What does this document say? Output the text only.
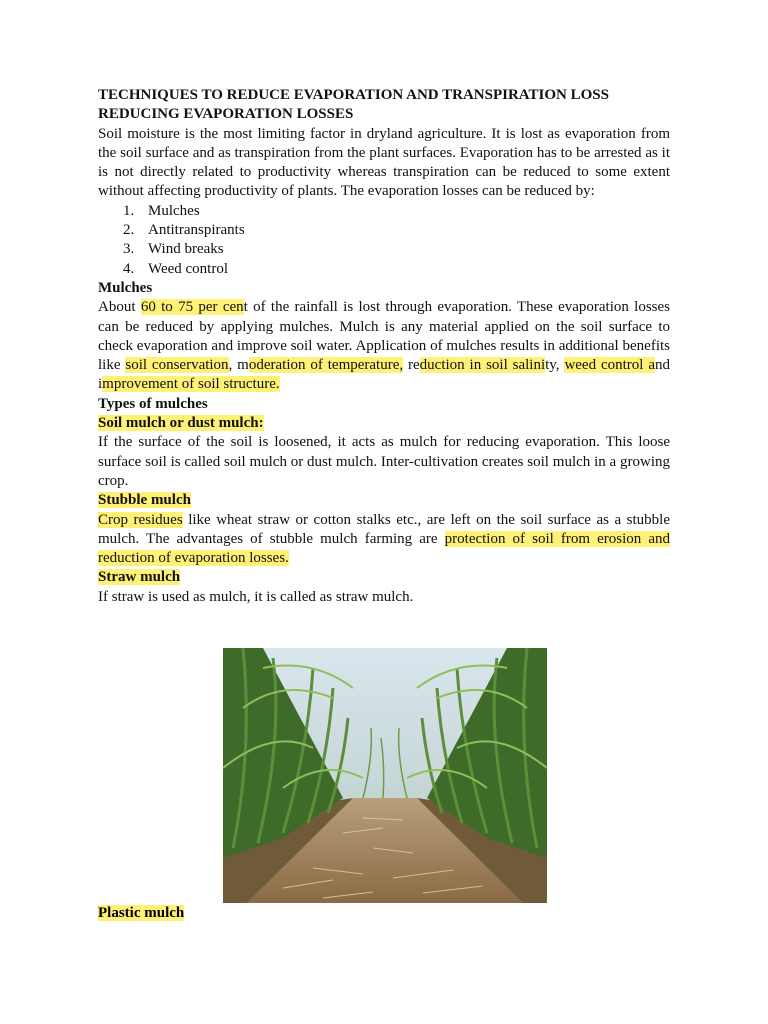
TECHNIQUES TO REDUCE EVAPORATION AND TRANSPIRATION LOSS
REDUCING EVAPORATION LOSSES

Soil moisture is the most limiting factor in dryland agriculture. It is lost as evaporation from the soil surface and as transpiration from the plant surfaces. Evaporation has to be arrested as it is not directly related to productivity whereas transpiration can be reduced to some extent without affecting productivity of plants. The evaporation losses can be reduced by:

1. Mulches
2. Antitranspirants
3. Wind breaks
4. Weed control

Mulches

About 60 to 75 per cent of the rainfall is lost through evaporation. These evaporation losses can be reduced by applying mulches. Mulch is any material applied on the soil surface to check evaporation and improve soil water. Application of mulches results in additional benefits like soil conservation, moderation of temperature, reduction in soil salinity, weed control and improvement of soil structure.

Types of mulches

Soil mulch or dust mulch:

If the surface of the soil is loosened, it acts as mulch for reducing evaporation. This loose surface soil is called soil mulch or dust mulch. Inter-cultivation creates soil mulch in a growing crop.

Stubble mulch

Crop residues like wheat straw or cotton stalks etc., are left on the soil surface as a stubble mulch. The advantages of stubble mulch farming are protection of soil from erosion and reduction of evaporation losses.

Straw mulch

If straw is used as mulch, it is called as straw mulch.

Plastic mulch
